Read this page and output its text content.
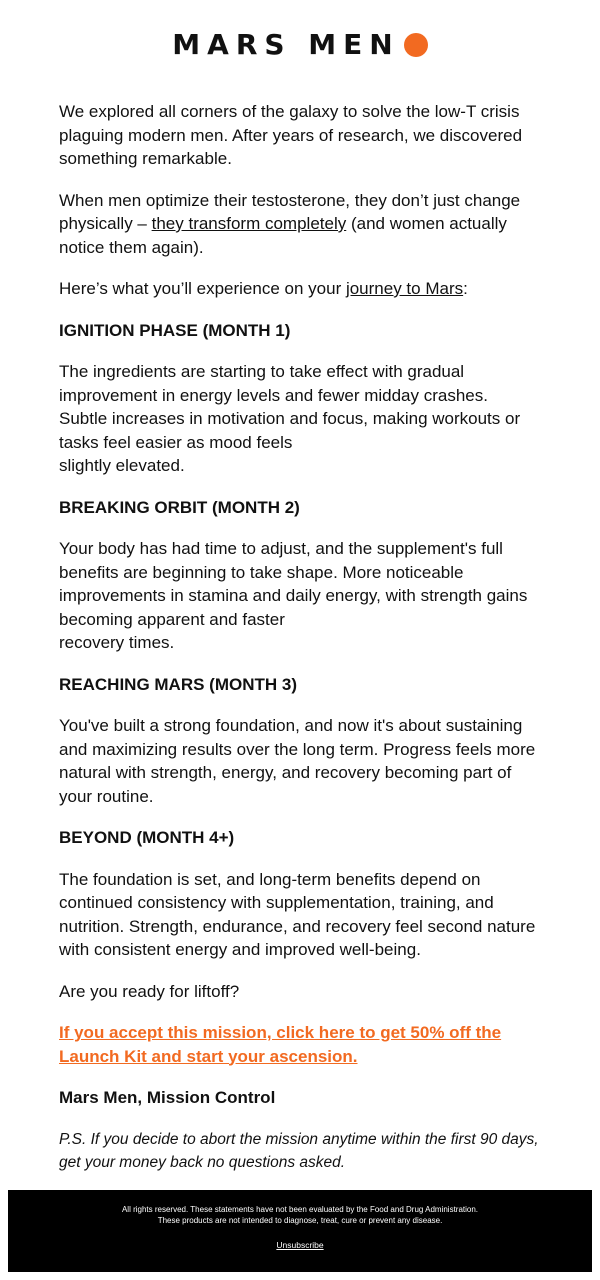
MARS MEN

We explored all corners of the galaxy to solve the low-T crisis plaguing modern men. After years of research, we discovered something remarkable.

When men optimize their testosterone, they don’t just change physically – they transform completely (and women actually notice them again).

Here’s what you’ll experience on your journey to Mars:

IGNITION PHASE (MONTH 1)

The ingredients are starting to take effect with gradual improvement in energy levels and fewer midday crashes. Subtle increases in motivation and focus, making workouts or tasks feel easier as mood feels
slightly elevated.

BREAKING ORBIT (MONTH 2)

Your body has had time to adjust, and the supplement's full benefits are beginning to take shape. More noticeable improvements in stamina and daily energy, with strength gains becoming apparent and faster
recovery times.

REACHING MARS (MONTH 3)

You've built a strong foundation, and now it's about sustaining and maximizing results over the long term. Progress feels more natural with strength, energy, and recovery becoming part of your routine.

BEYOND (MONTH 4+)

The foundation is set, and long-term benefits depend on continued consistency with supplementation, training, and nutrition. Strength, endurance, and recovery feel second nature with consistent energy and improved well-being.

Are you ready for liftoff?

If you accept this mission, click here to get 50% off the Launch Kit and start your ascension.

Mars Men, Mission Control

P.S. If you decide to abort the mission anytime within the first 90 days, get your money back no questions asked.

All rights reserved. These statements have not been evaluated by the Food and Drug Administration.
These products are not intended to diagnose, treat, cure or prevent any disease.
Unsubscribe
